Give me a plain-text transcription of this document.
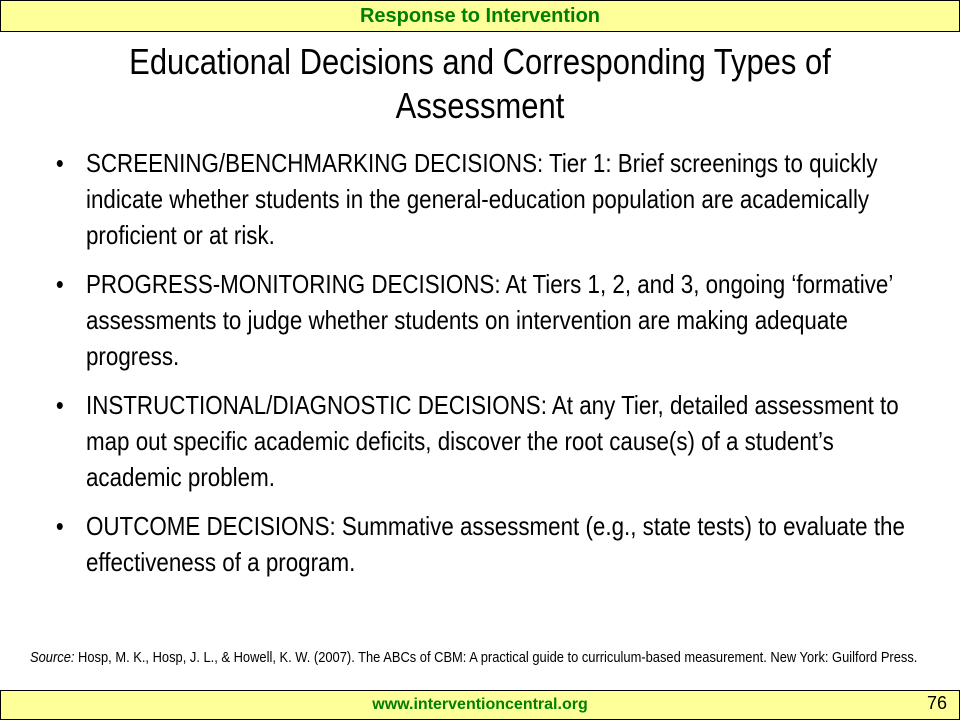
Response to Intervention
Educational Decisions and Corresponding Types of Assessment
• SCREENING/BENCHMARKING DECISIONS: Tier 1: Brief screenings to quickly indicate whether students in the general-education population are academically proficient or at risk.
• PROGRESS-MONITORING DECISIONS: At Tiers 1, 2, and 3, ongoing ‘formative’ assessments to judge whether students on intervention are making adequate progress.
• INSTRUCTIONAL/DIAGNOSTIC DECISIONS: At any Tier, detailed assessment to map out specific academic deficits, discover the root cause(s) of a student’s academic problem.
• OUTCOME DECISIONS: Summative assessment (e.g., state tests) to evaluate the effectiveness of a program.
Source: Hosp, M. K., Hosp, J. L., & Howell, K. W. (2007). The ABCs of CBM: A practical guide to curriculum-based measurement. New York: Guilford Press.
www.interventioncentral.org	76
